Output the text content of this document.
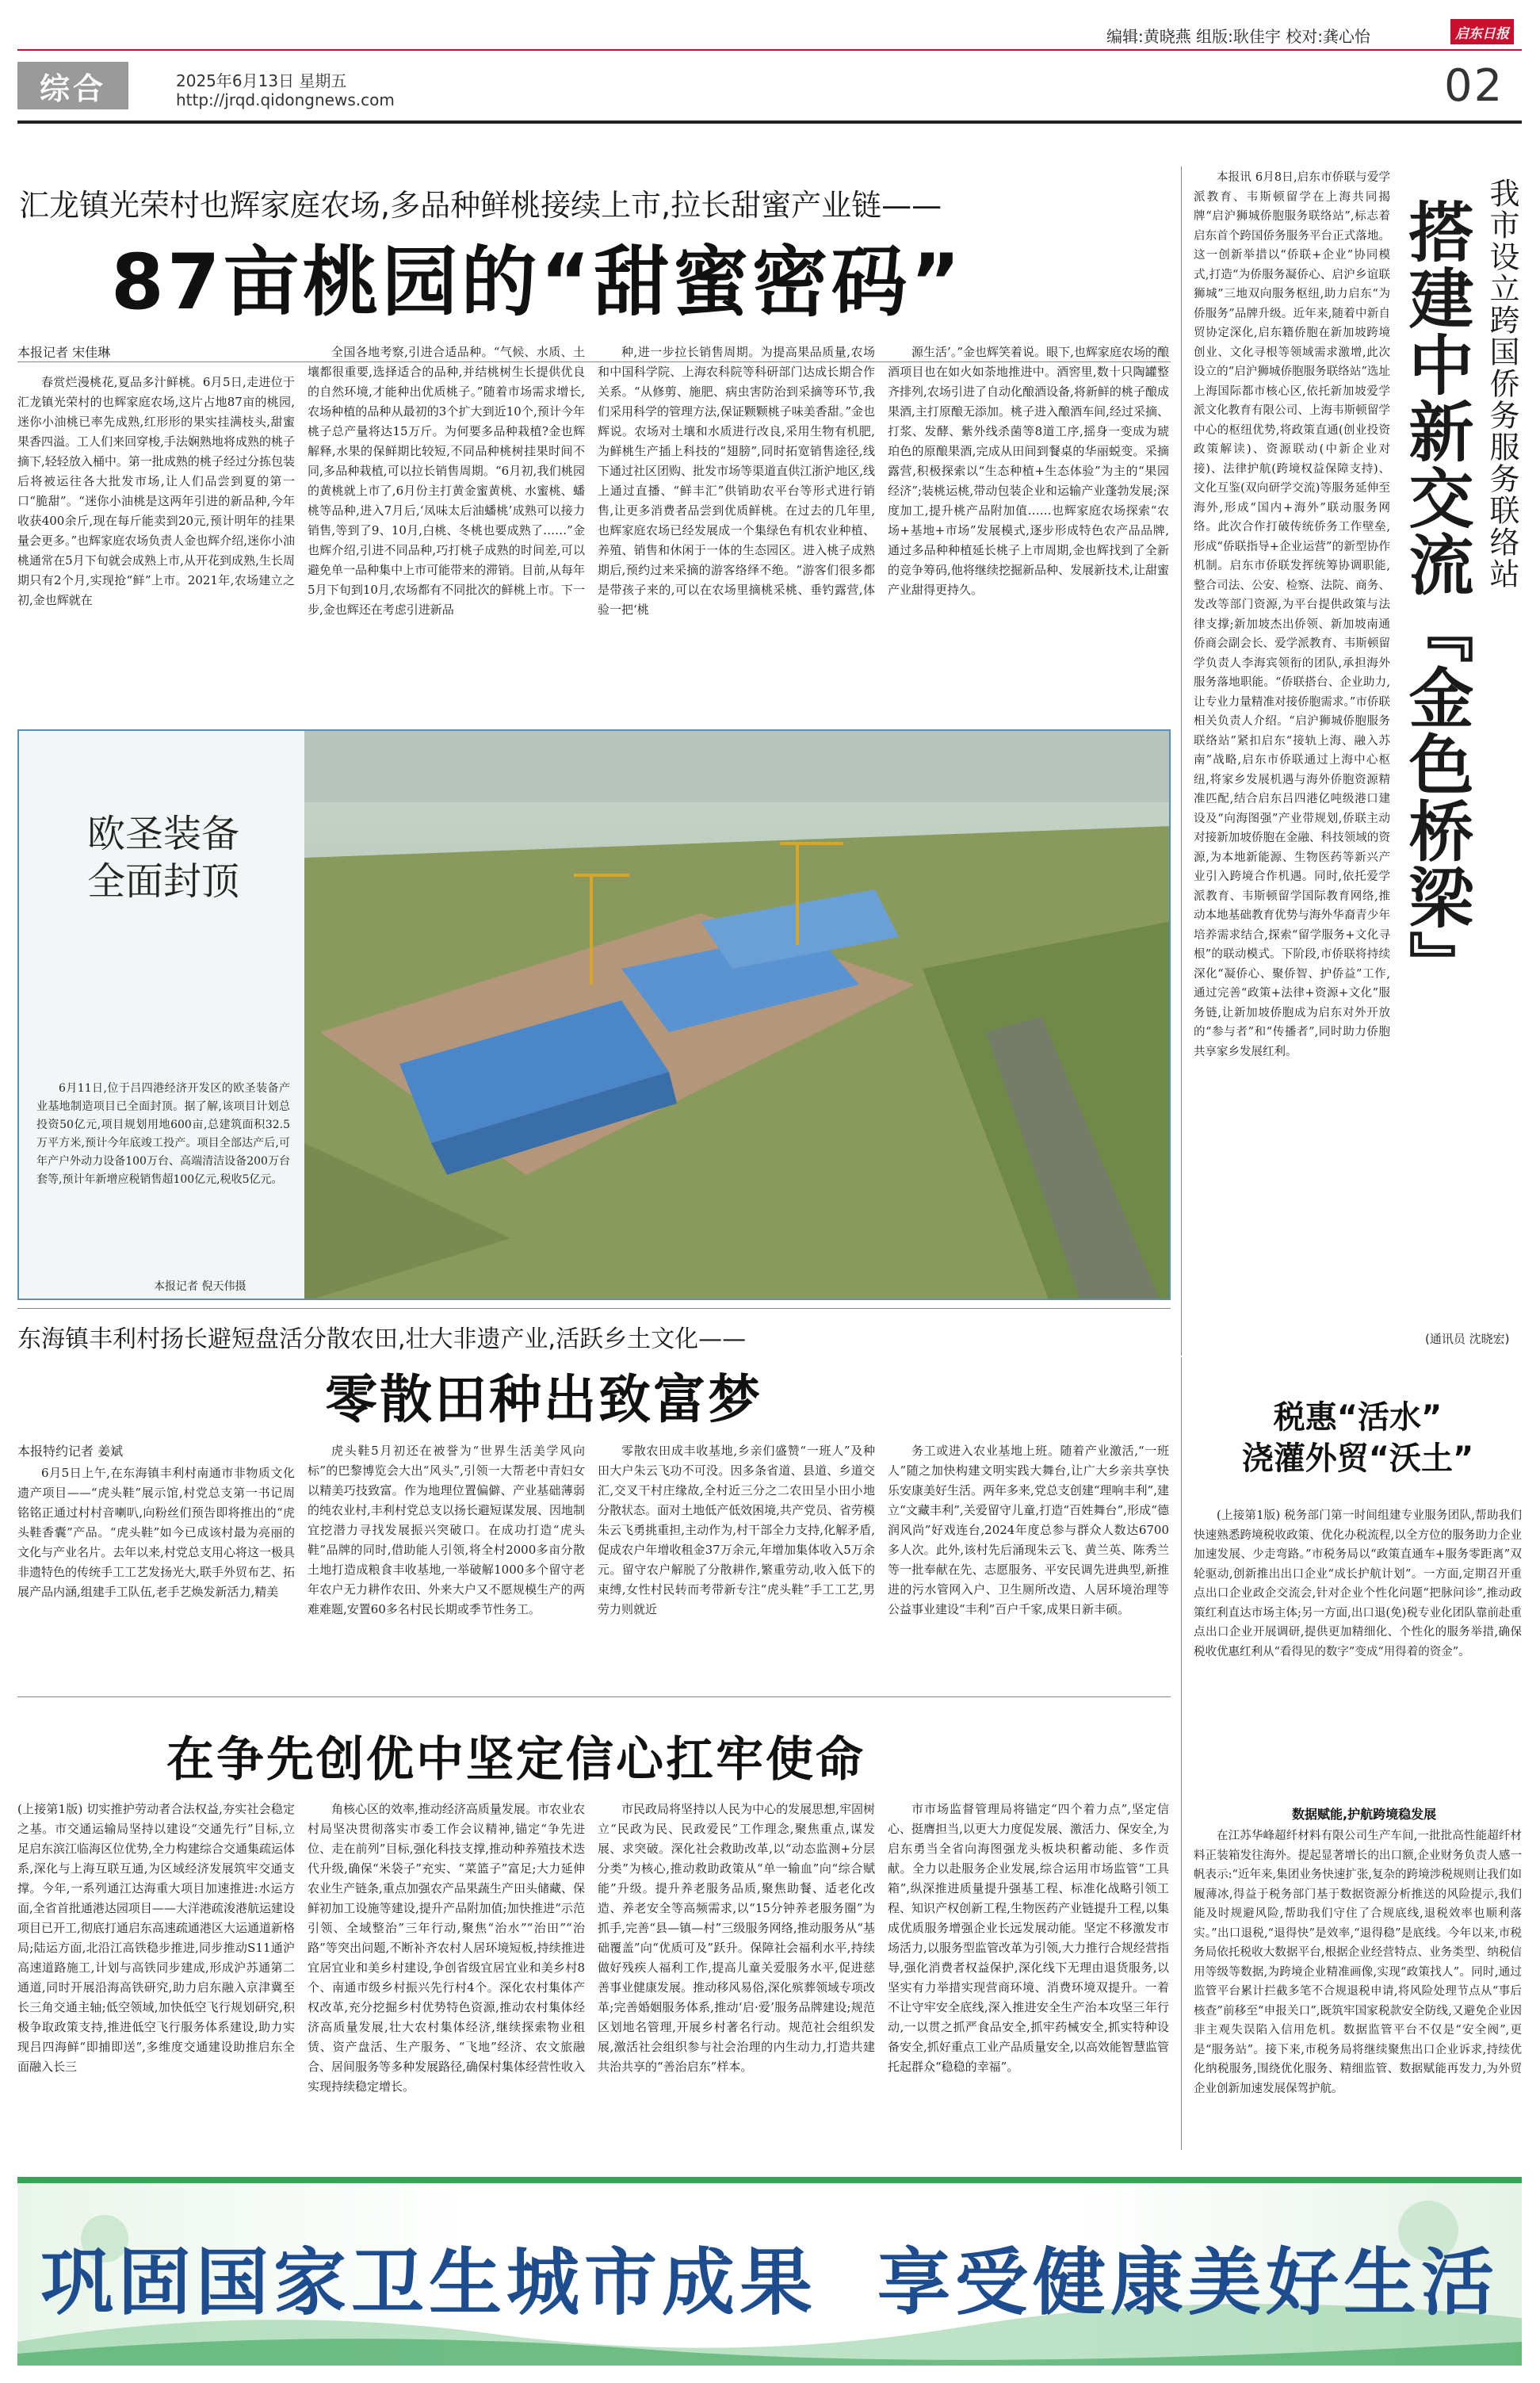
编辑:黄晓燕 组版:耿佳宇 校对:龚心怡	启东日报
综合	2025年6月13日 星期五
http://jrqd.qidongnews.com	02
汇龙镇光荣村也辉家庭农场,多品种鲜桃接续上市,拉长甜蜜产业链——
87亩桃园的“甜蜜密码”
本报记者 宋佳琳

春赏烂漫桃花,夏品多汁鲜桃。6月5日,走进位于汇龙镇光荣村的也辉家庭农场,这片占地87亩的桃园,迷你小油桃已率先成熟,红形形的果实挂满枝头,甜蜜果香四溢。工人们来回穿梭,手法娴熟地将成熟的桃子摘下,轻轻放入桶中。第一批成熟的桃子经过分拣包装后将被运往各大批发市场,让人们品尝到夏的第一口“脆甜”。“迷你小油桃是这两年引进的新品种,今年收获400余斤,现在每斤能卖到20元,预计明年的挂果量会更多。”也辉家庭农场负责人金也辉介绍,迷你小油桃通常在5月下旬就会成熟上市,从开花到成熟,生长周期只有2个月,实现抢“鲜”上市。2021年,农场建立之初,金也辉就在

全国各地考察,引进合适品种。“气候、水质、土壤都很重要,选择适合的品种,并结桃树生长提供优良的自然环境,才能种出优质桃子。”随着市场需求增长,农场种植的品种从最初的3个扩大到近10个,预计今年桃子总产量将达15万斤。为何要多品种栽植?金也辉解释,水果的保鲜期比较短,不同品种桃树挂果时间不同,多品种栽植,可以拉长销售周期。“6月初,我们桃园的黄桃就上市了,6月份主打黄金蜜黄桃、水蜜桃、蟠桃等品种,进入7月后,‘凤味太后油蟠桃’成熟可以接力销售,等到了9、10月,白桃、冬桃也要成熟了……”金也辉介绍,引进不同品种,巧打桃子成熟的时间差,可以避免单一品种集中上市可能带来的滞销。目前,从每年5月下旬到10月,农场都有不同批次的鲜桃上市。下一步,金也辉还在考虑引进新品

种,进一步拉长销售周期。为提高果品质量,农场和中国科学院、上海农科院等科研部门达成长期合作关系。“从修剪、施肥、病虫害防治到采摘等环节,我们采用科学的管理方法,保证颗颗桃子味美香甜。”金也辉说。农场对土壤和水质进行改良,采用生物有机肥,为鲜桃生产插上科技的“翅膀”,同时拓宽销售途径,线下通过社区团购、批发市场等渠道直供江浙沪地区,线上通过直播、“鲜丰汇”供销助农平台等形式进行销售,让更多消费者品尝到优质鲜桃。在过去的几年里,也辉家庭农场已经发展成一个集绿色有机农业种植、养殖、销售和休闲于一体的生态园区。进入桃子成熟期后,预约过来采摘的游客络绎不绝。“游客们很多都是带孩子来的,可以在农场里摘桃采桃、垂钓露营,体验一把‘桃

源生活’。”金也辉笑着说。眼下,也辉家庭农场的酿酒项目也在如火如荼地推进中。酒窖里,数十只陶罐整齐排列,农场引进了自动化酿酒设备,将新鲜的桃子酿成果酒,主打原酿无添加。桃子进入酿酒车间,经过采摘、打浆、发酵、紫外线杀菌等8道工序,摇身一变成为琥珀色的原酿果酒,完成从田间到餐桌的华丽蜕变。采摘露营,积极探索以“生态种植+生态体验”为主的“果园经济”;装桃运桃,带动包装企业和运输产业蓬勃发展;深度加工,提升桃产品附加值……也辉家庭农场探索“农场+基地+市场”发展模式,逐步形成特色农产品品牌,通过多品种种植延长桃子上市周期,金也辉找到了全新的竞争筹码,他将继续挖掘新品种、发展新技术,让甜蜜产业甜得更持久。	我市设立跨国侨务服务联络站
搭建中新交流『金色桥梁』

本报讯 6月8日,启东市侨联与爱学派教育、韦斯顿留学在上海共同揭牌“启沪狮城侨胞服务联络站”,标志着启东首个跨国侨务服务平台正式落地。这一创新举措以“侨联+企业”协同模式,打造“为侨服务凝侨心、启沪乡谊联狮城”三地双向服务枢纽,助力启东“为侨服务”品牌升级。近年来,随着中新自贸协定深化,启东籍侨胞在新加坡跨境创业、文化寻根等领域需求激增,此次设立的“启沪狮城侨胞服务联络站”选址上海国际都市核心区,依托新加坡爱学派文化教育有限公司、上海韦斯顿留学中心的枢纽优势,将政策直通(创业投资政策解读)、资源联动(中新企业对接)、法律护航(跨境权益保障支持)、文化互鉴(双向研学交流)等服务延伸至海外,形成“国内+海外”联动服务网络。此次合作打破传统侨务工作壁垒,形成“侨联指导+企业运营”的新型协作机制。启东市侨联发挥统筹协调职能,整合司法、公安、检察、法院、商务、发改等部门资源,为平台提供政策与法律支撑;新加坡杰出侨领、新加坡南通侨商会副会长、爱学派教育、韦斯顿留学负责人李海宾领衔的团队,承担海外服务落地职能。“侨联搭台、企业助力,让专业力量精准对接侨胞需求。”市侨联相关负责人介绍。“启沪狮城侨胞服务联络站”紧扣启东“接轨上海、融入苏南”战略,启东市侨联通过上海中心枢纽,将家乡发展机遇与海外侨胞资源精准匹配,结合启东吕四港亿吨级港口建设及“向海图强”产业带规划,侨联主动对接新加坡侨胞在金融、科技领域的资源,为本地新能源、生物医药等新兴产业引入跨境合作机遇。同时,依托爱学派教育、韦斯顿留学国际教育网络,推动本地基础教育优势与海外华裔青少年培养需求结合,探索“留学服务+文化寻根”的联动模式。下阶段,市侨联将持续深化“凝侨心、聚侨智、护侨益”工作,通过完善“政策+法律+资源+文化”服务链,让新加坡侨胞成为启东对外开放的“参与者”和“传播者”,同时助力侨胞共享家乡发展红利。

(通讯员 沈晓宏)
欧圣装备
全面封顶

6月11日,位于吕四港经济开发区的欧圣装备产业基地制造项目已全面封顶。据了解,该项目计划总投资50亿元,项目规划用地600亩,总建筑面积32.5万平方米,预计今年底竣工投产。项目全部达产后,可年产户外动力设备100万台、高端清洁设备200万台套等,预计年新增应税销售超100亿元,税收5亿元。

本报记者 倪天伟摄
东海镇丰利村扬长避短盘活分散农田,壮大非遗产业,活跃乡土文化——
零散田种出致富梦
本报特约记者 姜斌

6月5日上午,在东海镇丰利村南通市非物质文化遗产项目——“虎头鞋”展示馆,村党总支第一书记周铭铭正通过村村音喇叭,向粉丝们预告即将推出的“虎头鞋香囊”产品。“虎头鞋”如今已成该村最为亮丽的文化与产业名片。去年以来,村党总支用心将这一极具非遗特色的传统手工工艺发扬光大,联手外贸布艺、拓展产品内涵,组建手工队伍,老手艺焕发新活力,精美

虎头鞋5月初还在被誉为“世界生活美学风向标”的巴黎博览会大出“风头”,引领一大帮老中青妇女以精美巧技致富。作为地理位置偏僻、产业基础薄弱的纯农业村,丰利村党总支以扬长避短谋发展、因地制宜挖潜力寻找发展振兴突破口。在成功打造“虎头鞋”品牌的同时,借助能人引领,将全村2000多亩分散土地打造成粮食丰收基地,一举破解1000多个留守老年农户无力耕作农田、外来大户又不愿规模生产的两难难题,安置60多名村民长期或季节性务工。

零散农田成丰收基地,乡亲们盛赞“一班人”及种田大户朱云飞功不可没。因多条省道、县道、乡道交汇,交叉干村庄缘故,全村近三分之二农田呈小田小地分散状态。面对土地低产低效困境,共产党员、省劳模朱云飞勇挑重担,主动作为,村干部全力支持,化解矛盾,促成农户年增收租金37万余元,年增加集体收入5万余元。留守农户解脱了分散耕作,繁重劳动,收入低下的束缚,女性村民转而考带新专注“虎头鞋”手工工艺,男劳力则就近

务工或进入农业基地上班。随着产业激活,“一班人”随之加快构建文明实践大舞台,让广大乡亲共享快乐安康美好生活。两年多来,党总支创建“理响丰利”,建立“文藏丰利”,关爱留守儿童,打造“百姓舞台”,形成“德润风尚”好戏连台,2024年度总参与群众人数达6700多人次。此外,该村先后涌现朱云飞、黄兰英、陈秀兰等一批奉献在先、志愿服务、平安民调先进典型,新推进的污水管网入户、卫生厕所改造、人居环境治理等公益事业建设“丰利”百户千家,成果日新丰硕。

税惠“活水”
浇灌外贸“沃土”

(上接第1版) 税务部门第一时间组建专业服务团队,帮助我们快速熟悉跨境税收政策、优化办税流程,以全方位的服务助力企业加速发展、少走弯路。”市税务局以“政策直通车+服务零距离”双轮驱动,创新推出出口企业“成长护航计划”。一方面,定期召开重点出口企业政企交流会,针对企业个性化问题“把脉问诊”,推动政策红利直达市场主体;另一方面,出口退(免)税专业化团队靠前赴重点出口企业开展调研,提供更加精细化、个性化的服务举措,确保税收优惠红利从“看得见的数字”变成“用得着的资金”。

数据赋能,护航跨境稳发展

在江苏华峰超纤材料有限公司生产车间,一批批高性能超纤材料正装箱发往海外。提起显著增长的出口额,企业财务负责人感一帆表示:“近年来,集团业务快速扩张,复杂的跨境涉税规则让我们如履薄冰,得益于税务部门基于数据资源分析推送的风险提示,我们能及时规避风险,帮助我们守住了合规底线,退税效率也顺利落实。”出口退税,“退得快”是效率,“退得稳”是底线。今年以来,市税务局依托税收大数据平台,根据企业经营特点、业务类型、纳税信用等级等数据,为跨境企业精准画像,实现“政策找人”。同时,通过监管平台累计拦截多笔不合规退税申请,将风险处理节点从“事后核查”前移至“申报关口”,既筑牢国家税款安全防线,又避免企业因非主观失误陷入信用危机。数据监管平台不仅是“安全阀”,更是“服务站”。接下来,市税务局将继续聚焦出口企业诉求,持续优化纳税服务,围绕优化服务、精细监管、数据赋能再发力,为外贸企业创新加速发展保驾护航。

在争先创优中坚定信心扛牢使命

(上接第1版) 切实推护劳动者合法权益,夯实社会稳定之基。市交通运输局坚持以建设“交通先行”目标,立足启东滨江临海区位优势,全力构建综合交通集疏运体系,深化与上海互联互通,为区域经济发展筑牢交通支撑。今年,一系列通江达海重大项目加速推进:水运方面,全省首批通港达园项目——大洋港疏浚港航运建设项目已开工,彻底打通启东高速疏通港区大运通道新格局;陆运方面,北沿江高铁稳步推进,同步推动S11通沪高速道路施工,计划与高铁同步建成,形成沪苏通第二通道,同时开展沿海高铁研究,助力启东融入京津冀至长三角交通主轴;低空领域,加快低空飞行规划研究,积极争取政策支持,推进低空飞行服务体系建设,助力实现吕四海鲜“即捕即送”,多维度交通建设助推启东全面融入长三

角核心区的效率,推动经济高质量发展。市农业农村局坚决贯彻落实市委工作会议精神,锚定“争先进位、走在前列”目标,强化科技支撑,推动种养殖技术迭代升级,确保“米袋子”充实、“菜篮子”富足;大力延伸农业生产链条,重点加强农产品果蔬生产田头储藏、保鲜初加工设施等建设,提升产品附加值;加快推进“示范引领、全域整治”三年行动,聚焦“治水”“治田”“治路”等突出问题,不断补齐农村人居环境短板,持续推进宜居宜业和美乡村建设,争创省级宜居宜业和美乡村8个、南通市级乡村振兴先行村4个。深化农村集体产权改革,充分挖掘乡村优势特色资源,推动农村集体经济高质量发展,壮大农村集体经济,继续探索物业租赁、资产盘活、生产服务、“飞地”经济、农文旅融合、居间服务等多种发展路径,确保村集体经营性收入实现持续稳定增长。

市民政局将坚持以人民为中心的发展思想,牢固树立“民政为民、民政爱民”工作理念,聚焦重点,谋发展、求突破。深化社会救助改革,以“动态监测+分层分类”为核心,推动救助政策从“单一输血”向“综合赋能”升级。提升养老服务品质,聚焦助餐、适老化改造、养老安全等高频需求,以“15分钟养老服务圈”为抓手,完善“县—镇—村”三级服务网络,推动服务从“基础覆盖”向“优质可及”跃升。保障社会福利水平,持续做好残疾人福利工作,提高儿童关爱服务水平,促进慈善事业健康发展。推动移风易俗,深化殡葬领域专项改革;完善婚姻服务体系,推动‘启·爱’服务品牌建设;规范区划地名管理,开展乡村著名行动。规范社会组织发展,激活社会组织参与社会治理的内生动力,打造共建共治共享的“善治启东”样本。

市市场监督管理局将锚定“四个着力点”,坚定信心、挺膺担当,以更大力度促发展、激活力、保安全,为启东勇当全省向海图强龙头板块积蓄动能、多作贡献。全力以赴服务企业发展,综合运用市场监管“工具箱”,纵深推进质量提升强基工程、标准化战略引领工程、知识产权创新工程,生物医药产业链提升工程,以集成优质服务增强企业长远发展动能。坚定不移激发市场活力,以服务型监管改革为引领,大力推行合规经营指导,强化消费者权益保护,深化线下无理由退货服务,以坚实有力举措实现营商环境、消费环境双提升。一着不让守牢安全底线,深入推进安全生产治本攻坚三年行动,一以贯之抓严食品安全,抓牢药械安全,抓实特种设备安全,抓好重点工业产品质量安全,以高效能智慧监管托起群众“稳稳的幸福”。

巩固国家卫生城市成果  享受健康美好生活
